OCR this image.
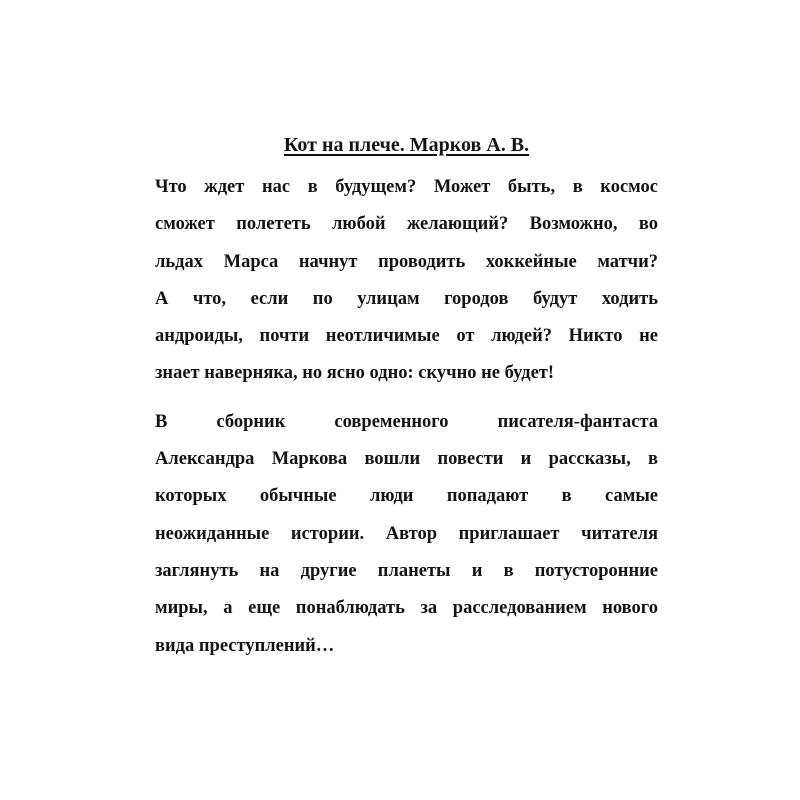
Кот на плече. Марков А. В.
Что ждет нас в будущем? Может быть, в космос
сможет полететь любой желающий? Возможно, во
льдах Марса начнут проводить хоккейные матчи?
А что, если по улицам городов будут ходить
андроиды, почти неотличимые от людей? Никто не
знает наверняка, но ясно одно: скучно не будет!
В сборник современного писателя-фантаста
Александра Маркова вошли повести и рассказы, в
которых обычные люди попадают в самые
неожиданные истории. Автор приглашает читателя
заглянуть на другие планеты и в потусторонние
миры, а еще понаблюдать за расследованием нового
вида преступлений…
